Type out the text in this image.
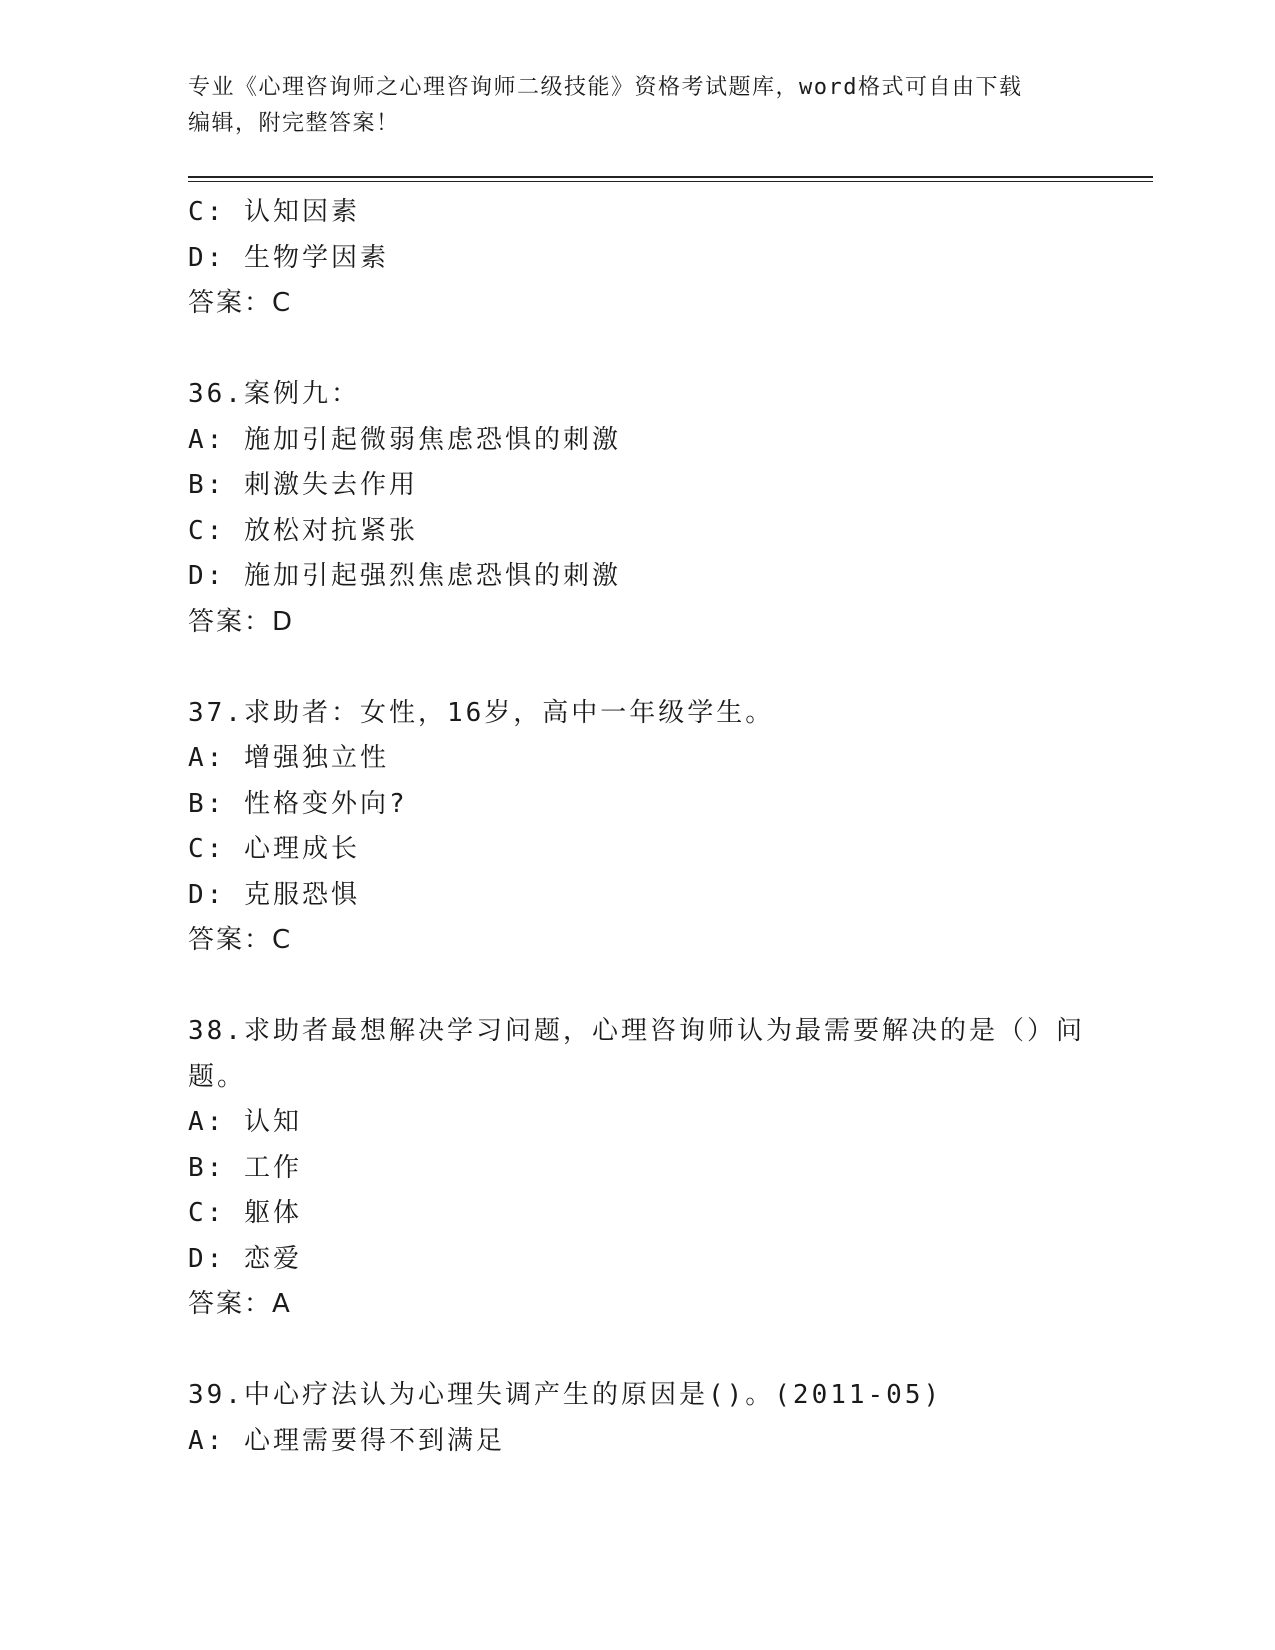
专业《心理咨询师之心理咨询师二级技能》资格考试题库，word格式可自由下载
编辑，附完整答案！
C: 认知因素
D: 生物学因素
答案：C
36.案例九：
A: 施加引起微弱焦虑恐惧的刺激
B: 刺激失去作用
C: 放松对抗紧张
D: 施加引起强烈焦虑恐惧的刺激
答案：D
37.求助者：女性，16岁，高中一年级学生。
A: 增强独立性
B: 性格变外向?
C: 心理成长
D: 克服恐惧
答案：C
38.求助者最想解决学习问题，心理咨询师认为最需要解决的是（）问
题。
A: 认知
B: 工作
C: 躯体
D: 恋爱
答案：A
39.中心疗法认为心理失调产生的原因是()。(2011-05)
A: 心理需要得不到满足
